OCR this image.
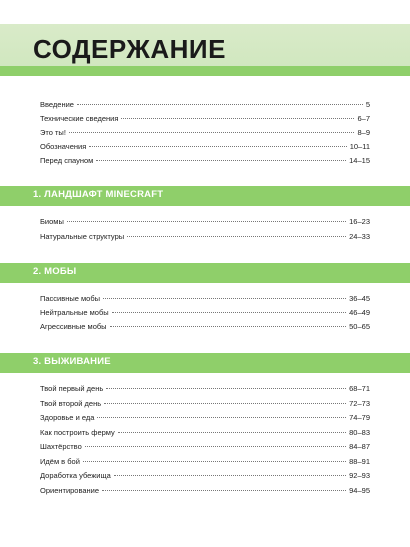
СОДЕРЖАНИЕ
Введение	5
Технические сведения	6–7
Это ты!	8–9
Обозначения	10–11
Перед спауном	14–15
1. ЛАНДШАФТ MINECRAFT
Биомы	16–23
Натуральные структуры	24–33
2. МОБЫ
Пассивные мобы	36–45
Нейтральные мобы	46–49
Агрессивные мобы	50–65
3. ВЫЖИВАНИЕ
Твой первый день	68–71
Твой второй день	72–73
Здоровье и еда	74–79
Как построить ферму	80–83
Шахтёрство	84–87
Идём в бой	88–91
Доработка убежища	92–93
Ориентирование	94–95
